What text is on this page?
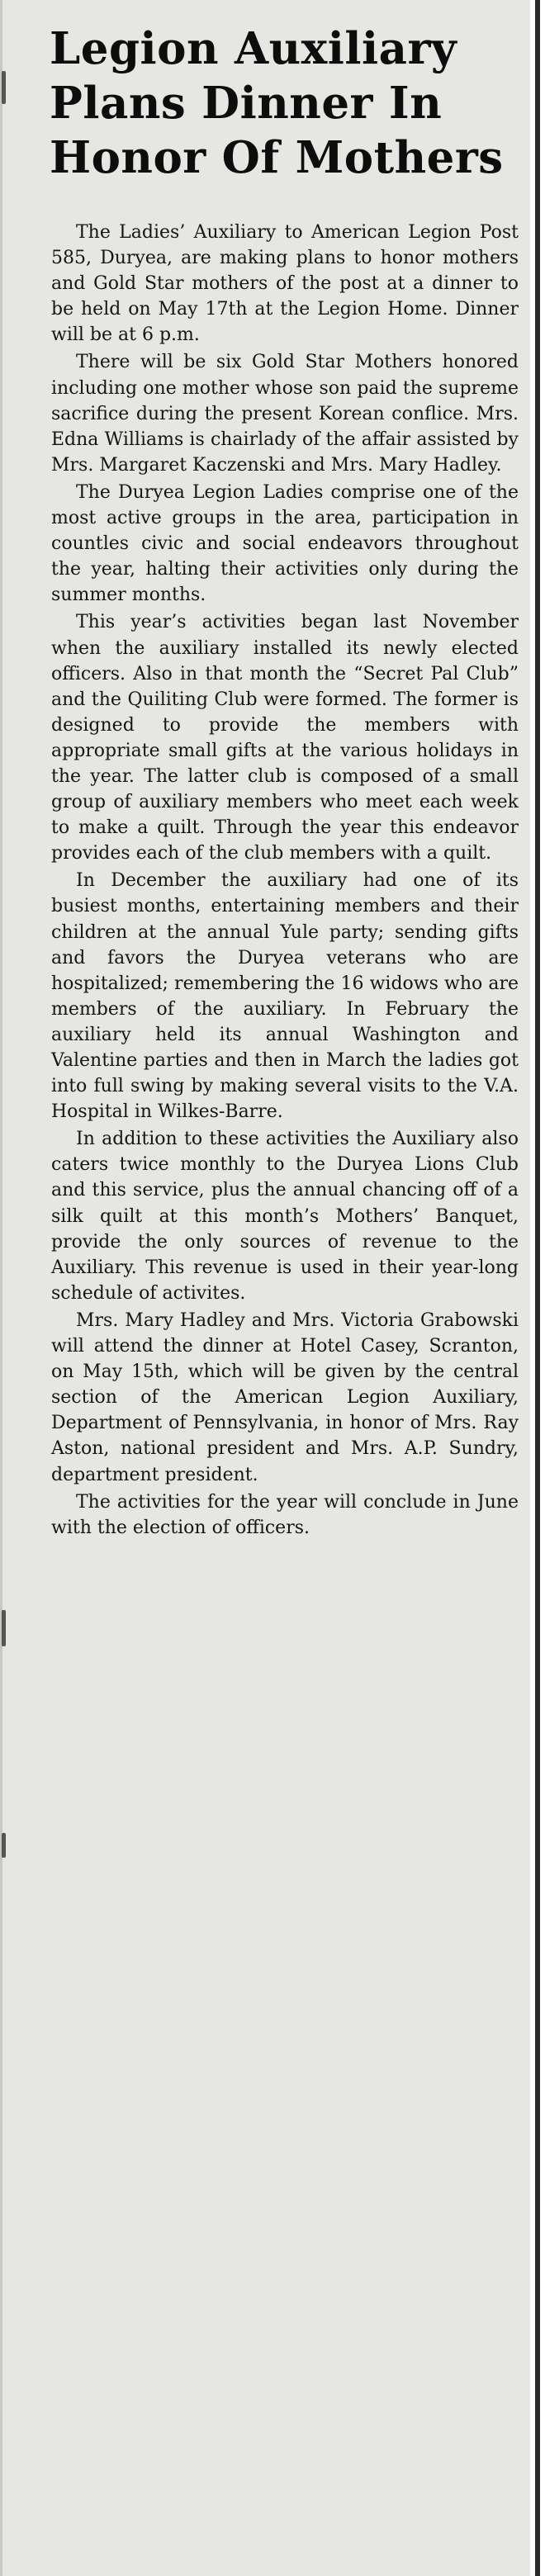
Legion Auxiliary
Plans Dinner In
Honor Of Mothers

The Ladies’ Auxiliary to American Legion Post 585, Duryea, are making plans to honor mothers and Gold Star mothers of the post at a dinner to be held on May 17th at the Legion Home. Dinner will be at 6 p.m.

There will be six Gold Star Mothers honored including one mother whose son paid the supreme sacrifice during the present Korean conflice. Mrs. Edna Williams is chairlady of the affair assisted by Mrs. Margaret Kaczenski and Mrs. Mary Hadley.

The Duryea Legion Ladies comprise one of the most active groups in the area, participation in countles civic and social endeavors throughout the year, halting their activities only during the summer months.

This year’s activities began last November when the auxiliary installed its newly elected officers. Also in that month the “Secret Pal Club” and the Quiliting Club were formed. The former is designed to provide the members with appropriate small gifts at the various holidays in the year. The latter club is composed of a small group of auxiliary members who meet each week to make a quilt. Through the year this endeavor provides each of the club members with a quilt.

In December the auxiliary had one of its busiest months, entertaining members and their children at the annual Yule party; sending gifts and favors the Duryea veterans who are hospitalized; remembering the 16 widows who are members of the auxiliary. In February the auxiliary held its annual Washington and Valentine parties and then in March the ladies got into full swing by making several visits to the V.A. Hospital in Wilkes-Barre.

In addition to these activities the Auxiliary also caters twice monthly to the Duryea Lions Club and this service, plus the annual chancing off of a silk quilt at this month’s Mothers’ Banquet, provide the only sources of revenue to the Auxiliary. This revenue is used in their year-long schedule of activites.

Mrs. Mary Hadley and Mrs. Victoria Grabowski will attend the dinner at Hotel Casey, Scranton, on May 15th, which will be given by the central section of the American Legion Auxiliary, Department of Pennsylvania, in honor of Mrs. Ray Aston, national president and Mrs. A.P. Sundry, department president.

The activities for the year will conclude in June with the election of officers.
